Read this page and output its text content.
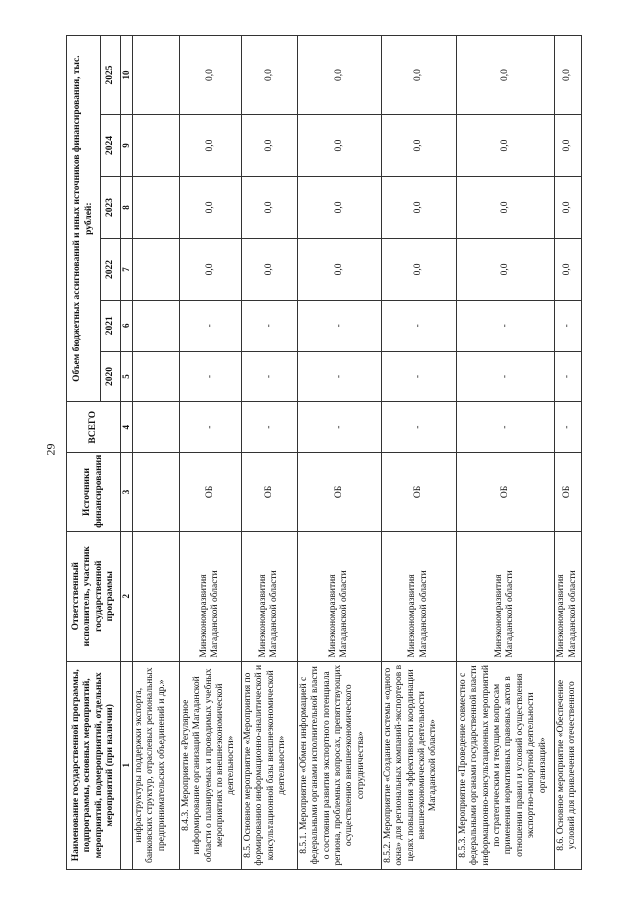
29
Наименование государственной программы, подпрограммы, основных мероприятий, мероприятий, подмероприятий, отдельных мероприятий (при наличии)	Ответственный исполнитель, участник государственной программы	Источники финансирования	ВСЕГО	Объем бюджетных ассигнований и иных источников финансирования, тыс. рублей:					
				2020	2021	2022	2023	2024	2025
1	2	3	4	5	6	7	8	9	10
инфраструктуры поддержки экспорта, банковских структур, отраслевых региональных предпринимательских объединений и др.»									
8.4.3. Мероприятие «Регулярное информирование организаций Магаданской области о планируемых и проводимых учебных мероприятиях по внешнеэкономической деятельности»	Минэкономразвития Магаданской области	ОБ	-	-	-	0,0	0,0	0,0	0,0
8.5. Основное мероприятие «Мероприятия по формированию информационно-аналитической и консультационной базы внешнеэкономической деятельности»	Минэкономразвития Магаданской области	ОБ	-	-	-	0,0	0,0	0,0	0,0
8.5.1. Мероприятие «Обмен информацией с федеральными органами исполнительной власти о состоянии развития экспортного потенциала региона, проблемных вопросах, препятствующих осуществлению внешнеэкономического сотрудничества»	Минэкономразвития Магаданской области	ОБ	-	-	-	0,0	0,0	0,0	0,0
8.5.2. Мероприятие «Создание системы «одного окна» для региональных компаний-экспортеров в целях повышения эффективности координации внешнеэкономической деятельности Магаданской области»	Минэкономразвития Магаданской области	ОБ	-	-	-	0,0	0,0	0,0	0,0
8.5.3. Мероприятие «Проведение совместно с федеральными органами государственной власти информационно-консультационных мероприятий по стратегическим и текущим вопросам применения нормативных правовых актов в отношении правил и условий осуществления экспортно-импортной деятельности организаций»	Минэкономразвития Магаданской области	ОБ	-	-	-	0,0	0,0	0,0	0,0
8.6. Основное мероприятие «Обеспечение условий для привлечения отечественного	Минэкономразвития Магаданской области	ОБ	-	-	-	0,0	0,0	0,0	0,0
